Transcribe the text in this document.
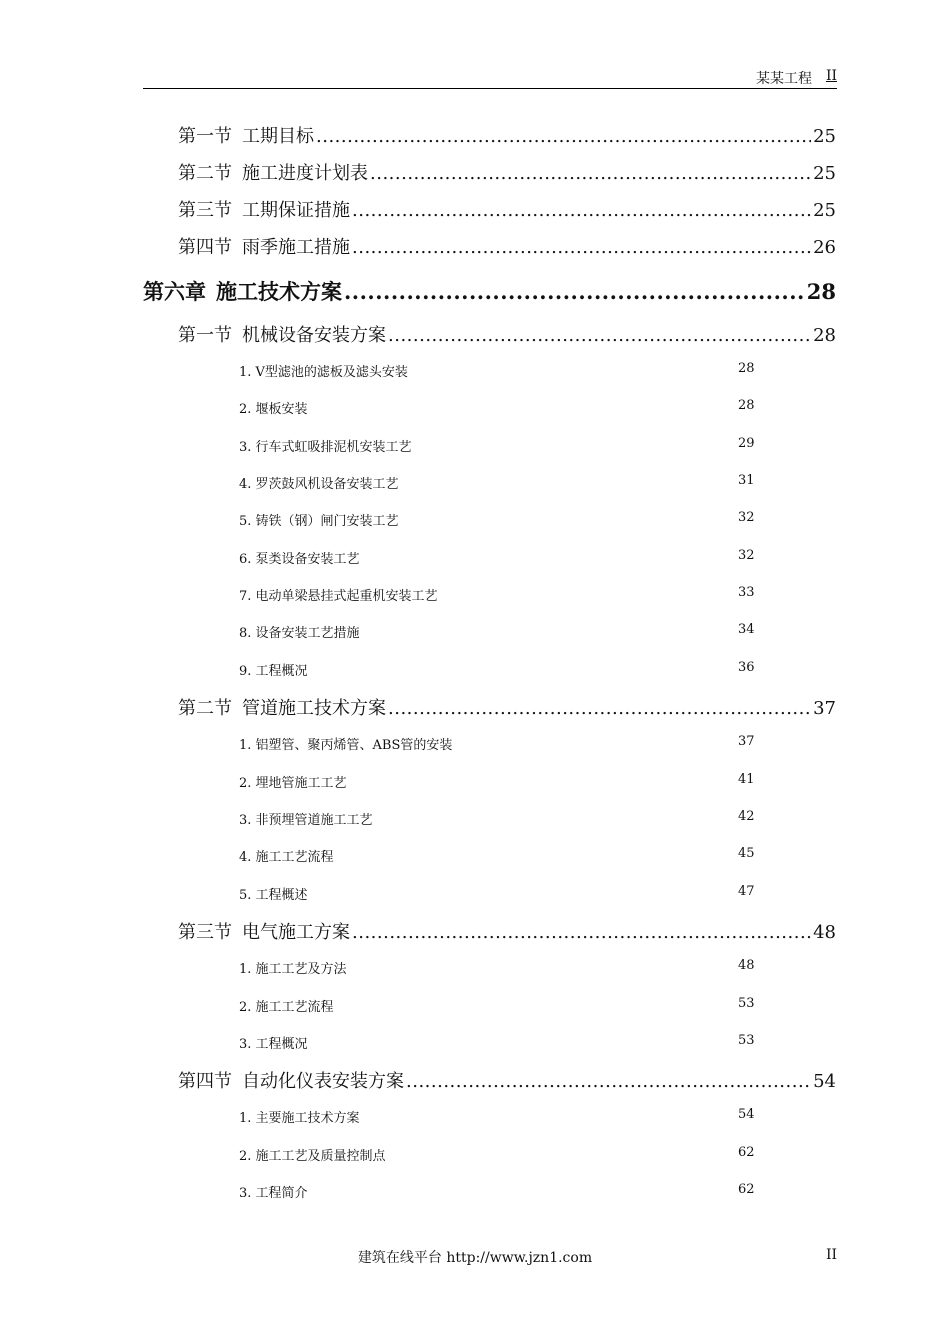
某某工程 II
第一节 工期目标 .....	25
第二节 施工进度计划表 .....	25
第三节 工期保证措施 .....	25
第四节 雨季施工措施 .....	26
第六章 施工技术方案 .....	28
第一节 机械设备安装方案 .....	28
1. V型滤池的滤板及滤头安装	28
2. 堰板安装	28
3. 行车式虹吸排泥机安装工艺	29
4. 罗茨鼓风机设备安装工艺	31
5. 铸铁（钢）闸门安装工艺	32
6. 泵类设备安装工艺	32
7. 电动单梁悬挂式起重机安装工艺	33
8. 设备安装工艺措施	34
9. 工程概况	36
第二节 管道施工技术方案 .....	37
1. 铝塑管、聚丙烯管、ABS管的安装	37
2. 埋地管施工工艺	41
3. 非预埋管道施工工艺	42
4. 施工工艺流程	45
5. 工程概述	47
第三节 电气施工方案 .....	48
1. 施工工艺及方法	48
2. 施工工艺流程	53
3. 工程概况	53
第四节 自动化仪表安装方案 .....	54
1. 主要施工技术方案	54
2. 施工工艺及质量控制点	62
3. 工程简介	62
建筑在线平台 http://www.jzn1.com	II
